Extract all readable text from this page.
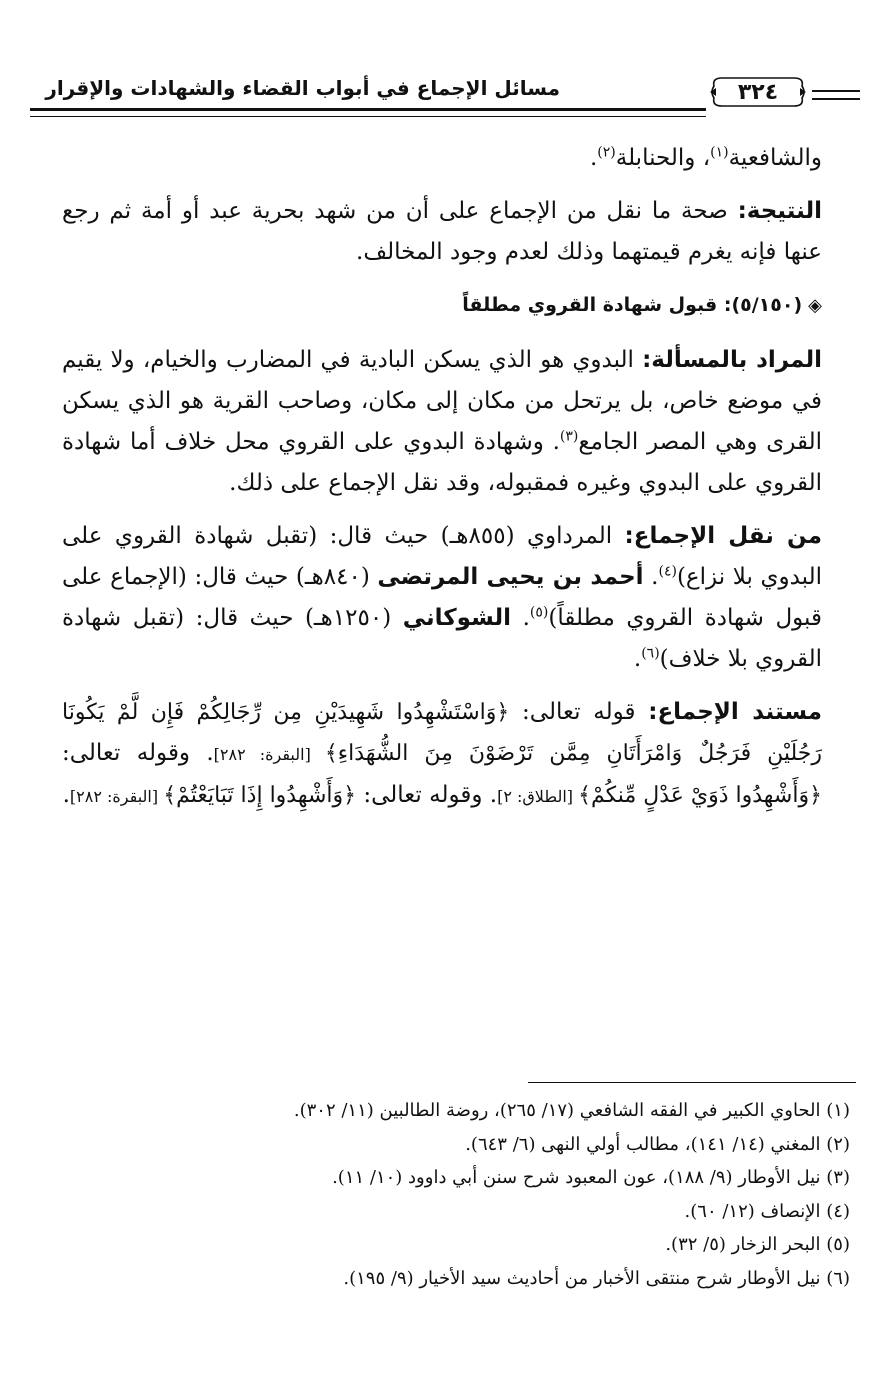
مسائل الإجماع في أبواب القضاء والشهادات والإقرار	٣٢٤

والشافعية$^{(١)}$، والحنابلة$^{(٢)}$.

النتيجة: صحة ما نقل من الإجماع على أن من شهد بحرية عبد أو أمة ثم رجع عنها فإنه يغرم قيمتهما وذلك لعدم وجود المخالف.

◈(٥/١٥٠): قبول شهادة القروي مطلقاً

المراد بالمسألة: البدوي هو الذي يسكن البادية في المضارب والخيام، ولا يقيم في موضع خاص، بل يرتحل من مكان إلى مكان، وصاحب القرية هو الذي يسكن القرى وهي المصر الجامع$^{(٣)}$. وشهادة البدوي على القروي محل خلاف أما شهادة القروي على البدوي وغيره فمقبوله، وقد نقل الإجماع على ذلك.

من نقل الإجماع: المرداوي (٨٥٥هـ) حيث قال: (تقبل شهادة القروي على البدوي بلا نزاع)$^{(٤)}$. أحمد بن يحيى المرتضى (٨٤٠هـ) حيث قال: (الإجماع على قبول شهادة القروي مطلقاً)$^{(٥)}$. الشوكاني (١٢٥٠هـ) حيث قال: (تقبل شهادة القروي بلا خلاف)$^{(٦)}$.

مستند الإجماع: قوله تعالى: ﴿وَاسْتَشْهِدُوا شَهِيدَيْنِ مِن رِّجَالِكُمْ فَإِن لَّمْ يَكُونَا رَجُلَيْنِ فَرَجُلٌ وَامْرَأَتَانِ مِمَّن تَرْضَوْنَ مِنَ الشُّهَدَاءِ﴾ [البقرة: ٢٨٢]. وقوله تعالى: ﴿وَأَشْهِدُوا ذَوَيْ عَدْلٍ مِّنكُمْ﴾ [الطلاق: ٢]. وقوله تعالى: ﴿وَأَشْهِدُوا إِذَا تَبَايَعْتُمْ﴾ [البقرة: ٢٨٢].

(١) الحاوي الكبير في الفقه الشافعي (١٧/ ٢٦٥)، روضة الطالبين (١١/ ٣٠٢).
(٢) المغني (١٤/ ١٤١)، مطالب أولي النهى (٦/ ٦٤٣).
(٣) نيل الأوطار (٩/ ١٨٨)، عون المعبود شرح سنن أبي داوود (١٠/ ١١).
(٤) الإنصاف (١٢/ ٦٠).
(٥) البحر الزخار (٥/ ٣٢).
(٦) نيل الأوطار شرح منتقى الأخبار من أحاديث سيد الأخيار (٩/ ١٩٥).
